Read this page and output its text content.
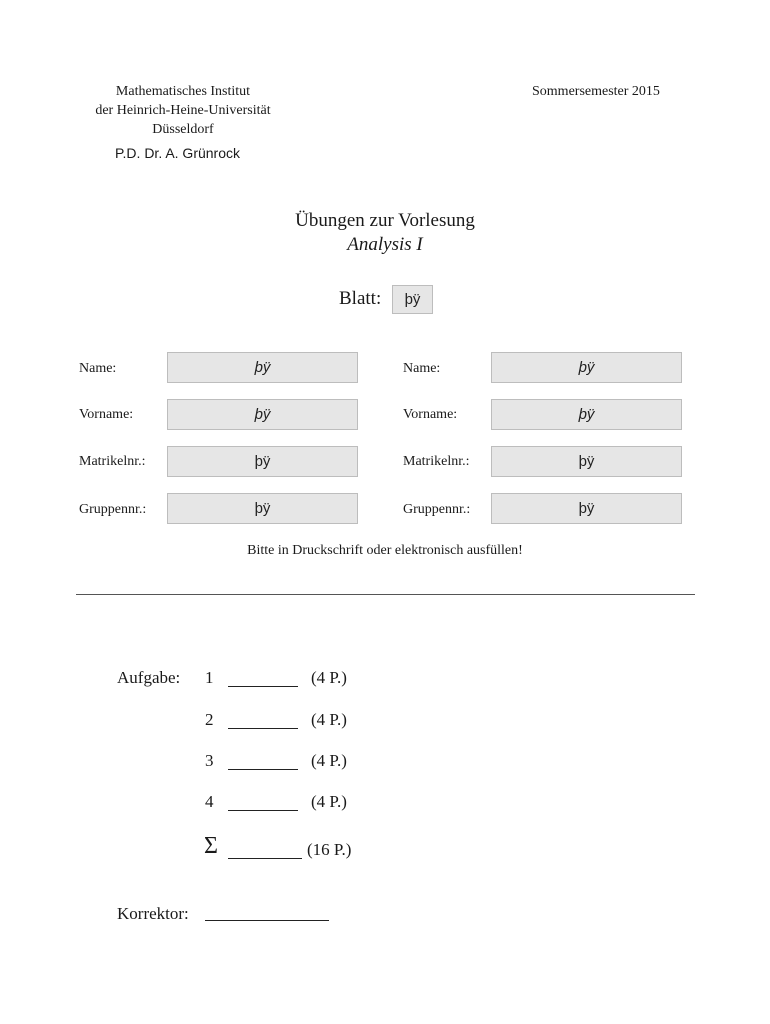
Mathematisches Institut
der Heinrich-Heine-Universität
Düsseldorf
Sommersemester 2015
P.D. Dr. A. Grünrock
Übungen zur Vorlesung
Analysis I
Blatt:	þÿ
Name:	þÿ
Vorname:	þÿ
Matrikelnr.:	þÿ
Gruppennr.:	þÿ
Name:	þÿ
Vorname:	þÿ
Matrikelnr.:	þÿ
Gruppennr.:	þÿ
Bitte in Druckschrift oder elektronisch ausfüllen!
Aufgabe: 1	(4 P.)
2	(4 P.)
3	(4 P.)
4	(4 P.)
Σ	(16 P.)
Korrektor:
